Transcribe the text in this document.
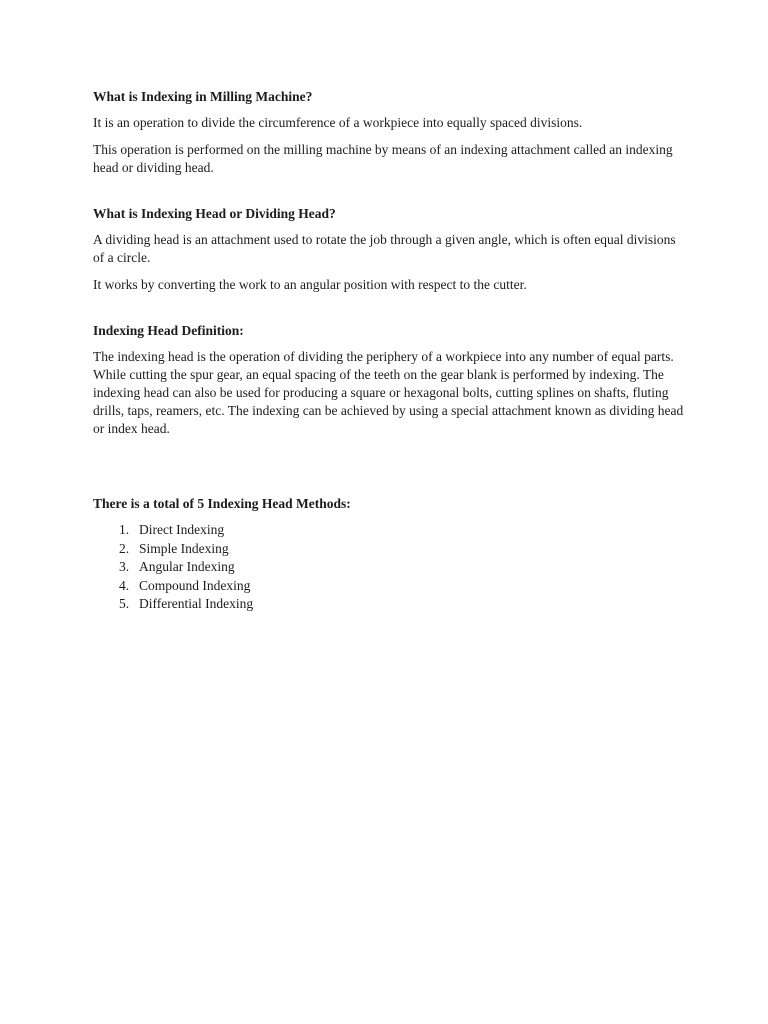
What is Indexing in Milling Machine?
It is an operation to divide the circumference of a workpiece into equally spaced divisions.
This operation is performed on the milling machine by means of an indexing attachment called an indexing head or dividing head.
What is Indexing Head or Dividing Head?
A dividing head is an attachment used to rotate the job through a given angle, which is often equal divisions of a circle.
It works by converting the work to an angular position with respect to the cutter.
Indexing Head Definition:
The indexing head is the operation of dividing the periphery of a workpiece into any number of equal parts. While cutting the spur gear, an equal spacing of the teeth on the gear blank is performed by indexing. The indexing head can also be used for producing a square or hexagonal bolts, cutting splines on shafts, fluting drills, taps, reamers, etc. The indexing can be achieved by using a special attachment known as dividing head or index head.
There is a total of 5 Indexing Head Methods:
1. Direct Indexing
2. Simple Indexing
3. Angular Indexing
4. Compound Indexing
5. Differential Indexing
